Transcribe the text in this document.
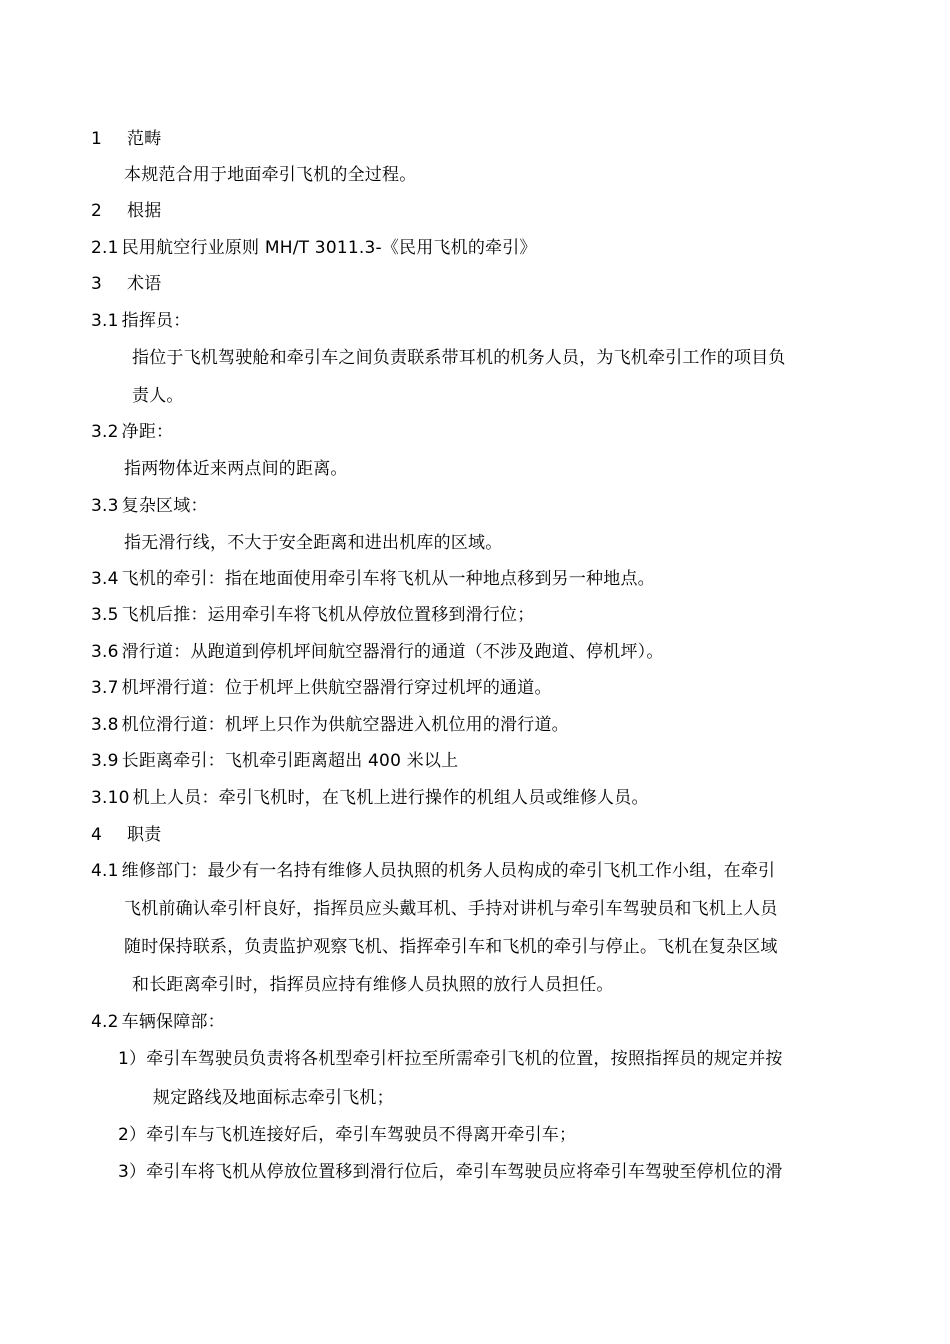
1 范畴
本规范合用于地面牵引飞机的全过程。
2 根据
2.1 民用航空行业原则 MH/T 3011.3-《民用飞机的牵引》
3 术语
3.1 指挥员：
指位于飞机驾驶舱和牵引车之间负责联系带耳机的机务人员，为飞机牵引工作的项目负
责人。
3.2 净距：
指两物体近来两点间的距离。
3.3 复杂区域：
指无滑行线，不大于安全距离和进出机库的区域。
3.4 飞机的牵引：指在地面使用牵引车将飞机从一种地点移到另一种地点。
3.5 飞机后推：运用牵引车将飞机从停放位置移到滑行位；
3.6 滑行道：从跑道到停机坪间航空器滑行的通道（不涉及跑道、停机坪）。
3.7 机坪滑行道：位于机坪上供航空器滑行穿过机坪的通道。
3.8 机位滑行道：机坪上只作为供航空器进入机位用的滑行道。
3.9 长距离牵引：飞机牵引距离超出 400 米以上
3.10 机上人员：牵引飞机时，在飞机上进行操作的机组人员或维修人员。
4 职责
4.1 维修部门：最少有一名持有维修人员执照的机务人员构成的牵引飞机工作小组，在牵引
飞机前确认牵引杆良好，指挥员应头戴耳机、手持对讲机与牵引车驾驶员和飞机上人员
随时保持联系，负责监护观察飞机、指挥牵引车和飞机的牵引与停止。飞机在复杂区域
和长距离牵引时，指挥员应持有维修人员执照的放行人员担任。
4.2 车辆保障部：
1）牵引车驾驶员负责将各机型牵引杆拉至所需牵引飞机的位置，按照指挥员的规定并按
规定路线及地面标志牵引飞机；
2）牵引车与飞机连接好后，牵引车驾驶员不得离开牵引车；
3）牵引车将飞机从停放位置移到滑行位后，牵引车驾驶员应将牵引车驾驶至停机位的滑
